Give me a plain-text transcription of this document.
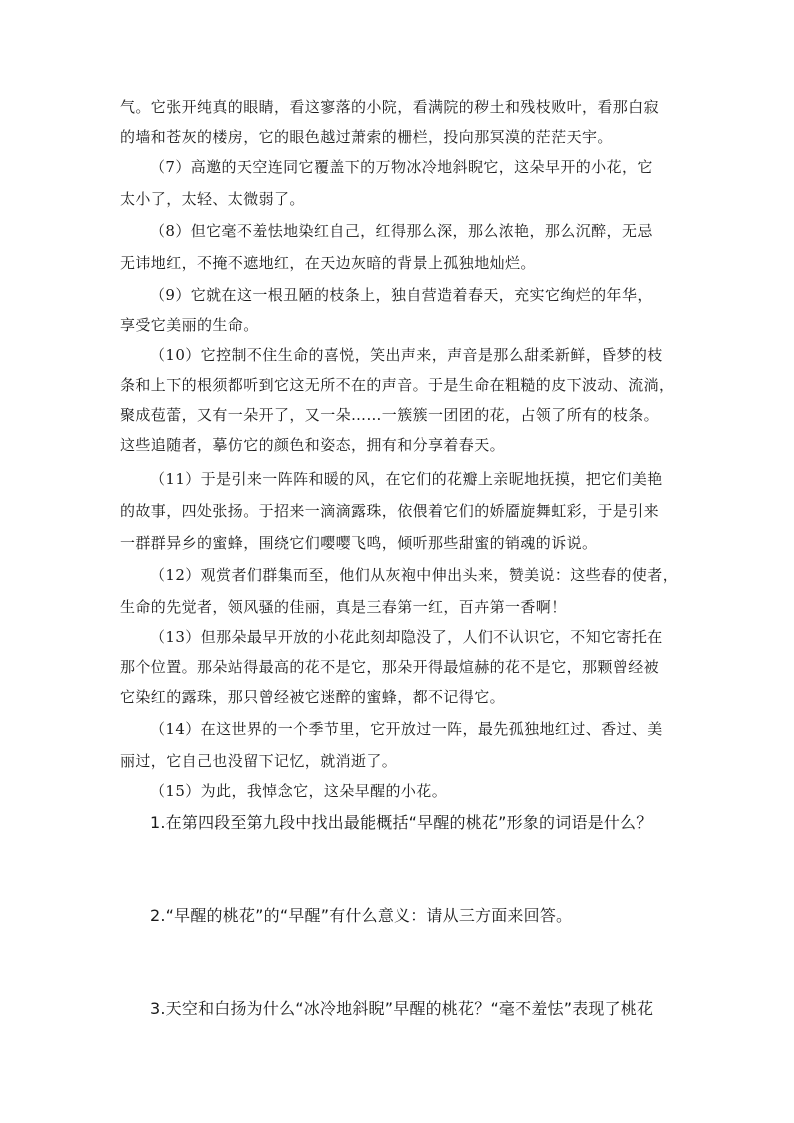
气。它张开纯真的眼睛，看这寥落的小院，看满院的秽土和残枝败叶，看那白寂
的墙和苍灰的楼房，它的眼色越过萧索的栅栏，投向那冥漠的茫茫天宇。
（7）高邀的天空连同它覆盖下的万物冰冷地斜睨它，这朵早开的小花，它
太小了，太轻、太微弱了。
（8）但它毫不羞怯地染红自己，红得那么深，那么浓艳，那么沉醉，无忌
无讳地红，不掩不遮地红，在天边灰暗的背景上孤独地灿烂。
（9）它就在这一根丑陋的枝条上，独自营造着春天，充实它绚烂的年华，
享受它美丽的生命。
（10）它控制不住生命的喜悦，笑出声来，声音是那么甜柔新鲜，昏梦的枝
条和上下的根须都听到它这无所不在的声音。于是生命在粗糙的皮下波动、流淌，
聚成苞蕾，又有一朵开了，又一朵……一簇簇一团团的花，占领了所有的枝条。
这些追随者，摹仿它的颜色和姿态，拥有和分享着春天。
（11）于是引来一阵阵和暖的风，在它们的花瓣上亲昵地抚摸，把它们美艳
的故事，四处张扬。于招来一滴滴露珠，依偎着它们的娇靥旋舞虹彩，于是引来
一群群异乡的蜜蜂，围绕它们嘤嘤飞鸣，倾听那些甜蜜的销魂的诉说。
（12）观赏者们群集而至，他们从灰袍中伸出头来，赞美说：这些春的使者，
生命的先觉者，领风骚的佳丽，真是三春第一红，百卉第一香啊！
（13）但那朵最早开放的小花此刻却隐没了，人们不认识它，不知它寄托在
那个位置。那朵站得最高的花不是它，那朵开得最煊赫的花不是它，那颗曾经被
它染红的露珠，那只曾经被它迷醉的蜜蜂，都不记得它。
（14）在这世界的一个季节里，它开放过一阵，最先孤独地红过、香过、美
丽过，它自己也没留下记忆，就消逝了。
（15）为此，我悼念它，这朵早醒的小花。
1.在第四段至第九段中找出最能概括“早醒的桃花”形象的词语是什么？
2.“早醒的桃花”的“早醒”有什么意义：请从三方面来回答。
3.天空和白扬为什么“冰冷地斜睨”早醒的桃花？“毫不羞怯”表现了桃花
